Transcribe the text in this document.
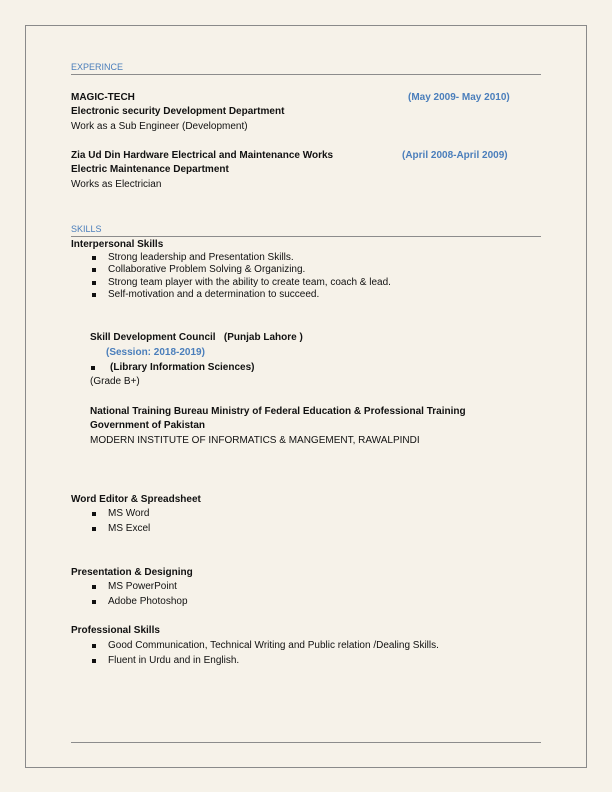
EXPERINCE
MAGIC-TECH	(May 2009- May 2010)
Electronic security Development Department
Work as a Sub Engineer (Development)
Zia Ud Din Hardware Electrical and Maintenance Works	(April 2008-April 2009)
Electric Maintenance Department
Works as Electrician
SKILLS
Interpersonal Skills
Strong leadership and Presentation Skills.
Collaborative Problem Solving & Organizing.
Strong team player with the ability to create team, coach & lead.
Self-motivation and a determination to succeed.
Skill Development Council   (Punjab Lahore )
(Session: 2018-2019)
(Library Information Sciences)
(Grade B+)
National Training Bureau Ministry of Federal Education & Professional Training
Government of Pakistan
MODERN INSTITUTE OF INFORMATICS & MANGEMENT, RAWALPINDI
Word Editor & Spreadsheet
MS Word
MS Excel
Presentation & Designing
MS PowerPoint
Adobe Photoshop
Professional Skills
Good Communication, Technical Writing and Public relation /Dealing Skills.
Fluent in Urdu and in English.
